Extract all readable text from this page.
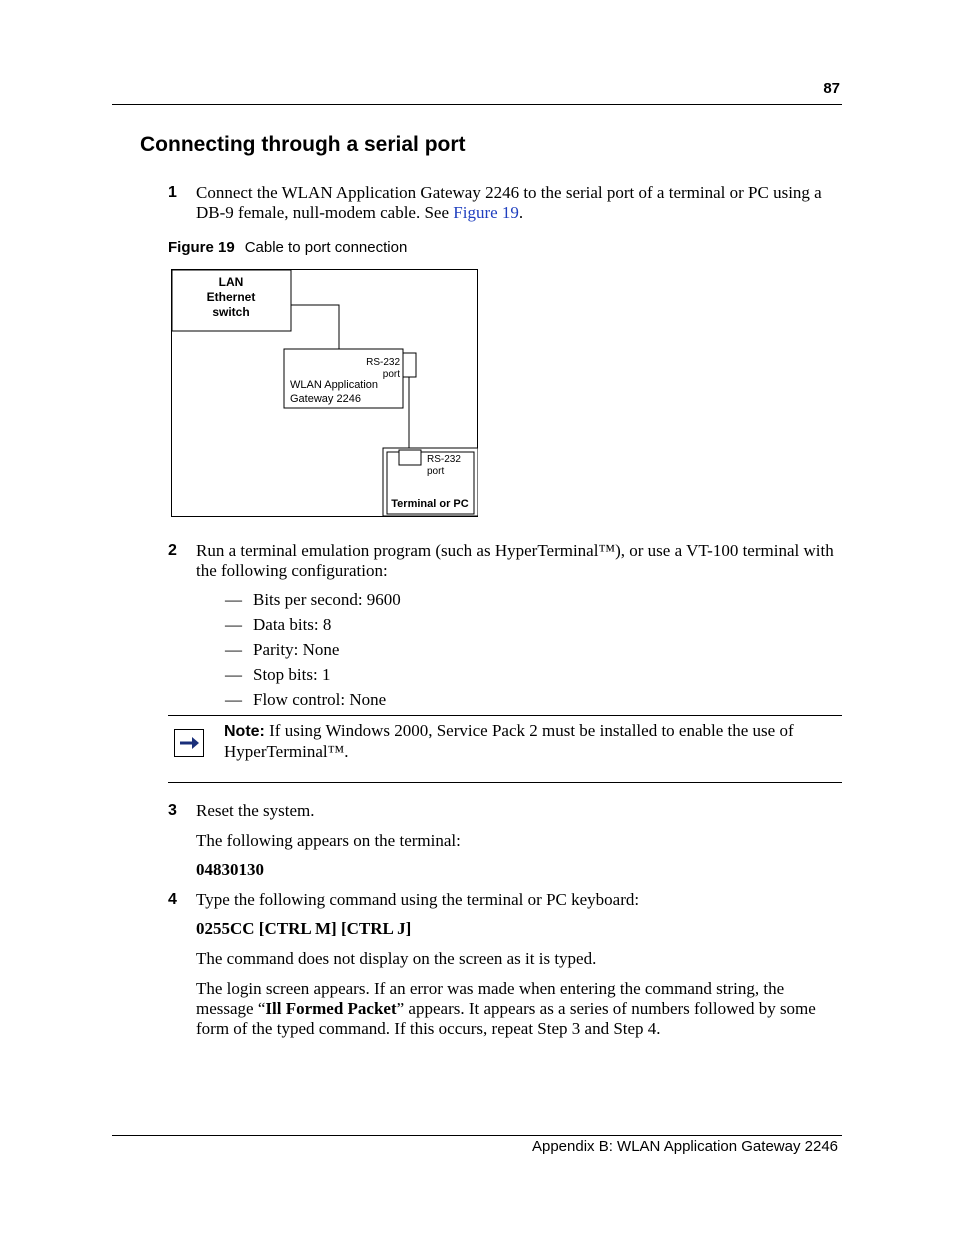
87
Connecting through a serial port
1 Connect the WLAN Application Gateway 2246 to the serial port of a terminal or PC using a
DB-9 female, null-modem cable. See Figure 19.
Figure 19 Cable to port connection
LAN
Ethernet
switch
RS-232
port
WLAN Application
Gateway 2246
RS-232
port
Terminal or PC
2 Run a terminal emulation program (such as HyperTerminal™), or use a VT-100 terminal with
the following configuration:
— Bits per second: 9600
— Data bits: 8
— Parity: None
— Stop bits: 1
— Flow control: None
Note: If using Windows 2000, Service Pack 2 must be installed to enable the use of
HyperTerminal™.
3 Reset the system.
The following appears on the terminal:
04830130
4 Type the following command using the terminal or PC keyboard:
0255CC [CTRL M] [CTRL J]
The command does not display on the screen as it is typed.
The login screen appears. If an error was made when entering the command string, the
message “Ill Formed Packet” appears. It appears as a series of numbers followed by some
form of the typed command. If this occurs, repeat Step 3 and Step 4.
Appendix B: WLAN Application Gateway 2246
